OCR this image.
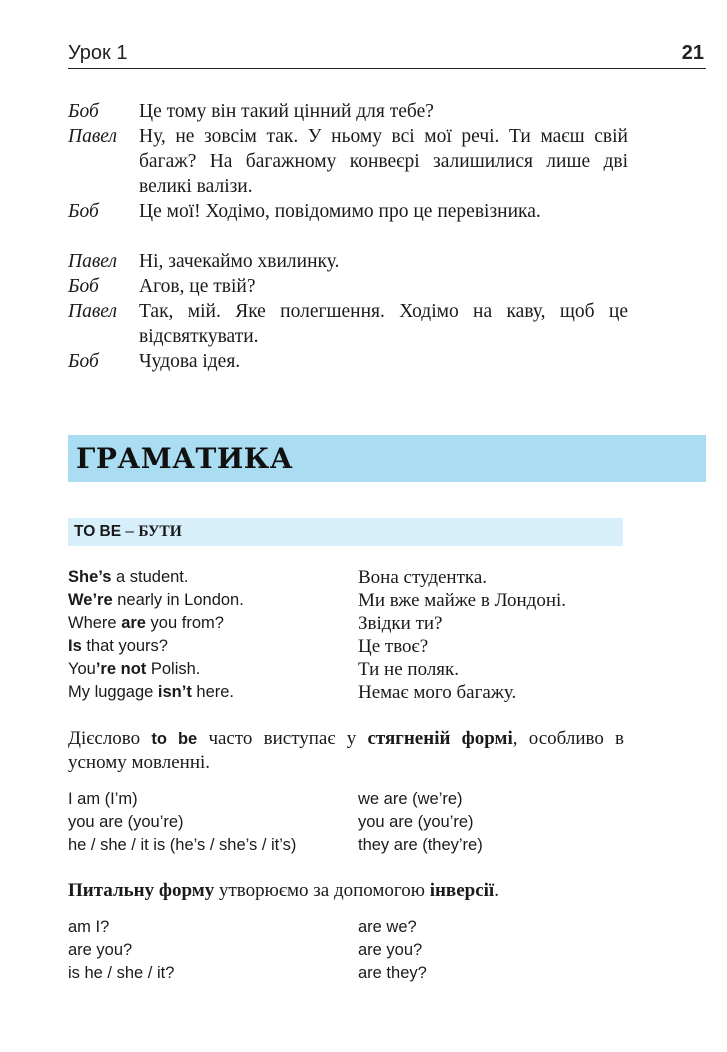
Урок 1	21
Боб	Це тому він такий цінний для тебе?
Павел	Ну, не зовсім так. У ньому всі мої речі. Ти маєш свій багаж? На багажному конвеєрі залишилися лише дві великі валізи.
Боб	Це мої! Ходімо, повідомимо про це перевізника.
Павел	Ні, зачекаймо хвилинку.
Боб	Агов, це твій?
Павел	Так, мій. Яке полегшення. Ходімо на каву, щоб це відсвяткувати.
Боб	Чудова ідея.
ГРАМАТИКА
TO BE – БУТИ
She’s a student.	Вона студентка.
We’re nearly in London.	Ми вже майже в Лондоні.
Where are you from?	Звідки ти?
Is that yours?	Це твоє?
You’re not Polish.	Ти не поляк.
My luggage isn’t here.	Немає мого багажу.

Дієслово to be часто виступає у стягненій формі, особливо в усному мовленні.

I am (I’m)	we are (we’re)
you are (you’re)	you are (you’re)
he / she / it is (he’s / she’s / it’s)	they are (they’re)

Питальну форму утворюємо за допомогою інверсії.

am I?	are we?
are you?	are you?
is he / she / it?	are they?
